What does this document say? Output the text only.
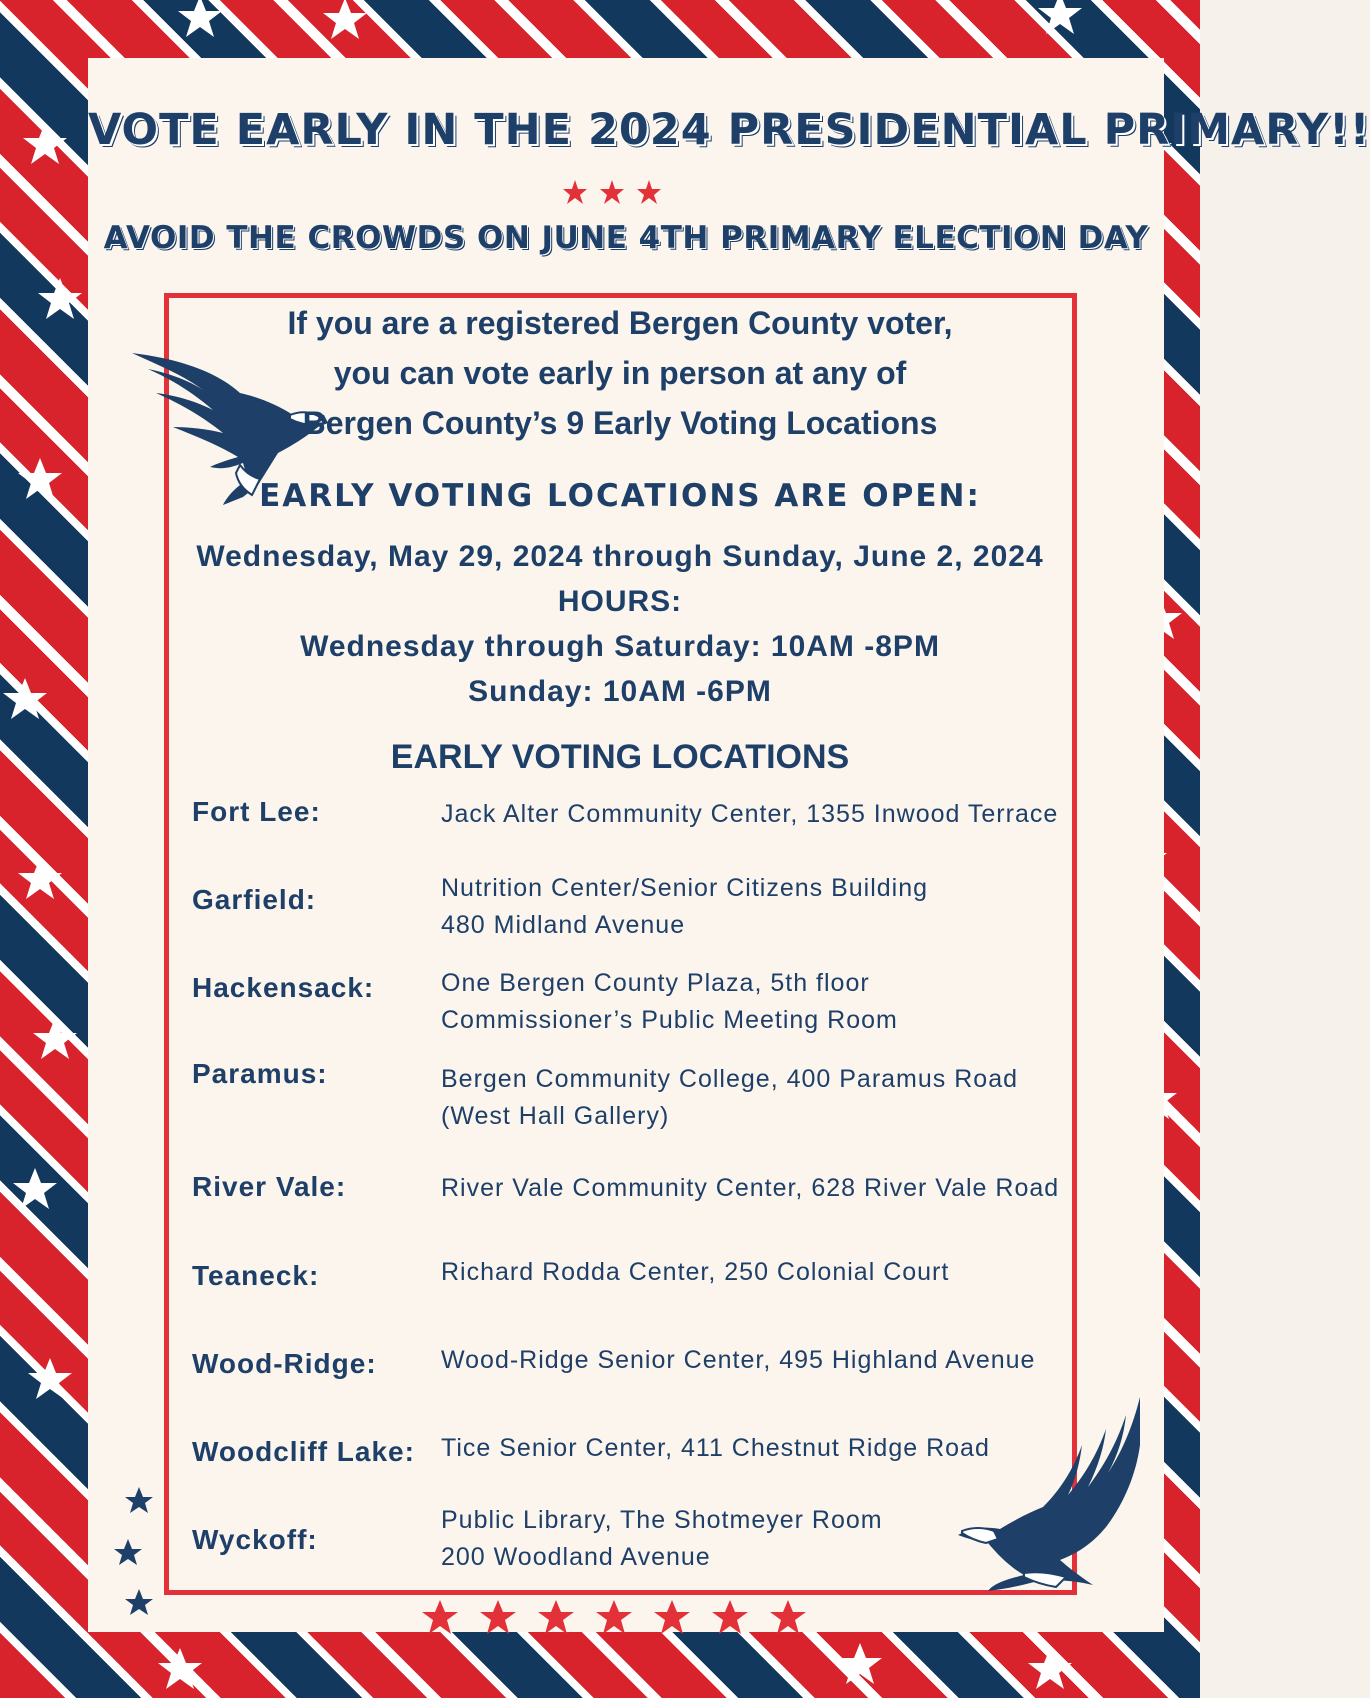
VOTE EARLY IN THE 2024 PRESIDENTIAL PRIMARY!!
AVOID THE CROWDS ON JUNE 4TH PRIMARY ELECTION DAY
If you are a registered Bergen County voter,
you can vote early in person at any of
Bergen County’s 9 Early Voting Locations
EARLY VOTING LOCATIONS ARE OPEN:
Wednesday, May 29, 2024 through Sunday, June 2, 2024
HOURS:
Wednesday through Saturday: 10AM -8PM
Sunday: 10AM -6PM
EARLY VOTING LOCATIONS
Fort Lee:	Jack Alter Community Center, 1355 Inwood Terrace
Garfield:	Nutrition Center/Senior Citizens Building
480 Midland Avenue
Hackensack:	One Bergen County Plaza, 5th floor
Commissioner’s Public Meeting Room
Paramus:	Bergen Community College, 400 Paramus Road
(West Hall Gallery)
River Vale:	River Vale Community Center, 628 River Vale Road
Teaneck:	Richard Rodda Center, 250 Colonial Court
Wood-Ridge:	Wood-Ridge Senior Center, 495 Highland Avenue
Woodcliff Lake: Tice Senior Center, 411 Chestnut Ridge Road
Wyckoff:
Public Library, The Shotmeyer Room
200 Woodland Avenue
